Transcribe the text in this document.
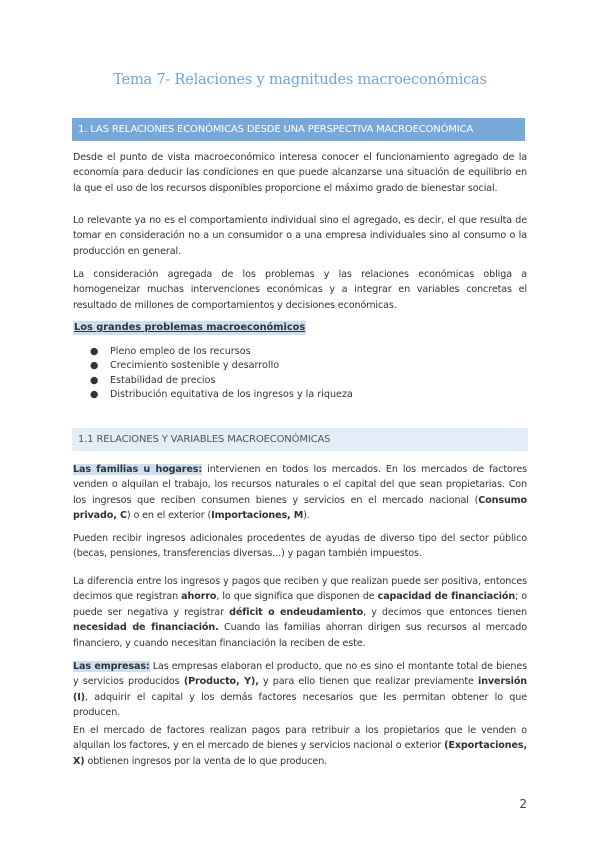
Tema 7- Relaciones y magnitudes macroeconómicas
1. LAS RELACIONES ECONÓMICAS DESDE UNA PERSPECTIVA MACROECONÓMICA
Desde el punto de vista macroeconómico interesa conocer el funcionamiento agregado de la economía para deducir las condiciones en que puede alcanzarse una situación de equilibrio en la que el uso de los recursos disponibles proporcione el máximo grado de bienestar social.
Lo relevante ya no es el comportamiento individual sino el agregado, es decir, el que resulta de tomar en consideración no a un consumidor o a una empresa individuales sino al consumo o la producción en general.
La consideración agregada de los problemas y las relaciones económicas obliga a homogeneizar muchas intervenciones económicas y a integrar en variables concretas el resultado de millones de comportamientos y decisiones económicas.
Los grandes problemas macroeconómicos
● Pleno empleo de los recursos
● Crecimiento sostenible y desarrollo
● Estabilidad de precios
● Distribución equitativa de los ingresos y la riqueza
1.1 RELACIONES Y VARIABLES MACROECONÓMICAS
Las familias u hogares: intervienen en todos los mercados. En los mercados de factores venden o alquilan el trabajo, los recursos naturales o el capital del que sean propietarias. Con los ingresos que reciben consumen bienes y servicios en el mercado nacional (Consumo privado, C) o en el exterior (Importaciones, M).
Pueden recibir ingresos adicionales procedentes de ayudas de diverso tipo del sector público (becas, pensiones, transferencias diversas...) y pagan también impuestos.
La diferencia entre los ingresos y pagos que reciben y que realizan puede ser positiva, entonces decimos que registran ahorro, lo que significa que disponen de capacidad de financiación; o puede ser negativa y registrar déficit o endeudamiento, y decimos que entonces tienen necesidad de financiación. Cuando las familias ahorran dirigen sus recursos al mercado financiero, y cuando necesitan financiación la reciben de este.
Las empresas: Las empresas elaboran el producto, que no es sino el montante total de bienes y servicios producidos (Producto, Y), y para ello tienen que realizar previamente inversión (I), adquirir el capital y los demás factores necesarios que les permitan obtener lo que producen.
En el mercado de factores realizan pagos para retribuir a los propietarios que le venden o alquilan los factores, y en el mercado de bienes y servicios nacional o exterior (Exportaciones, X) obtienen ingresos por la venta de lo que producen.
2
